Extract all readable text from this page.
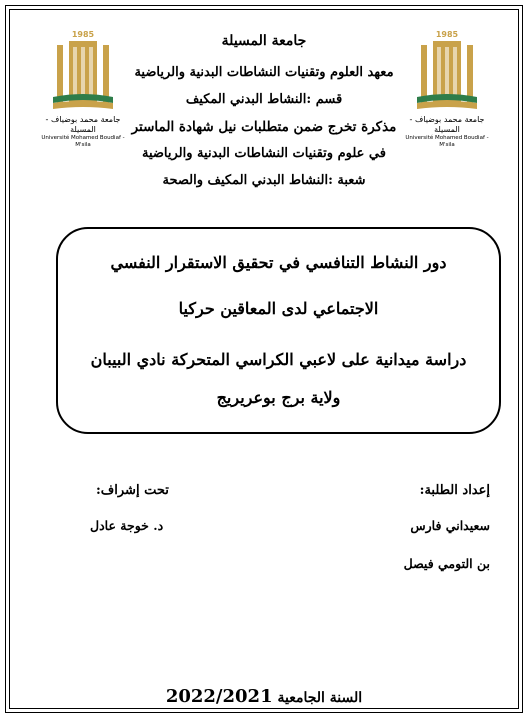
1985
جامعة محمد بوضياف - المسيلة
Université Mohamed Boudiaf - M'sila
1985
جامعة محمد بوضياف - المسيلة
Université Mohamed Boudiaf - M'sila
جامعة المسيلة
معهد العلوم وتقنيات النشاطات البدنية والرياضية
قسم :النشاط البدني المكيف
مذكرة تخرج ضمن متطلبات نيل شهادة الماستر
في علوم وتقنيات النشاطات البدنية والرياضية
شعبة :النشاط البدني المكيف والصحة
دور النشاط التنافسي في تحقيق الاستقرار النفسي
الاجتماعي لدى المعاقين حركيا
دراسة ميدانية على لاعبي الكراسي المتحركة نادي البيبان
ولاية برج بوعريريج
إعداد الطلبة:
سعيداني فارس
بن التومي فيصل
تحت إشراف:
د. خوجة عادل
السنة الجامعية 2022/2021
